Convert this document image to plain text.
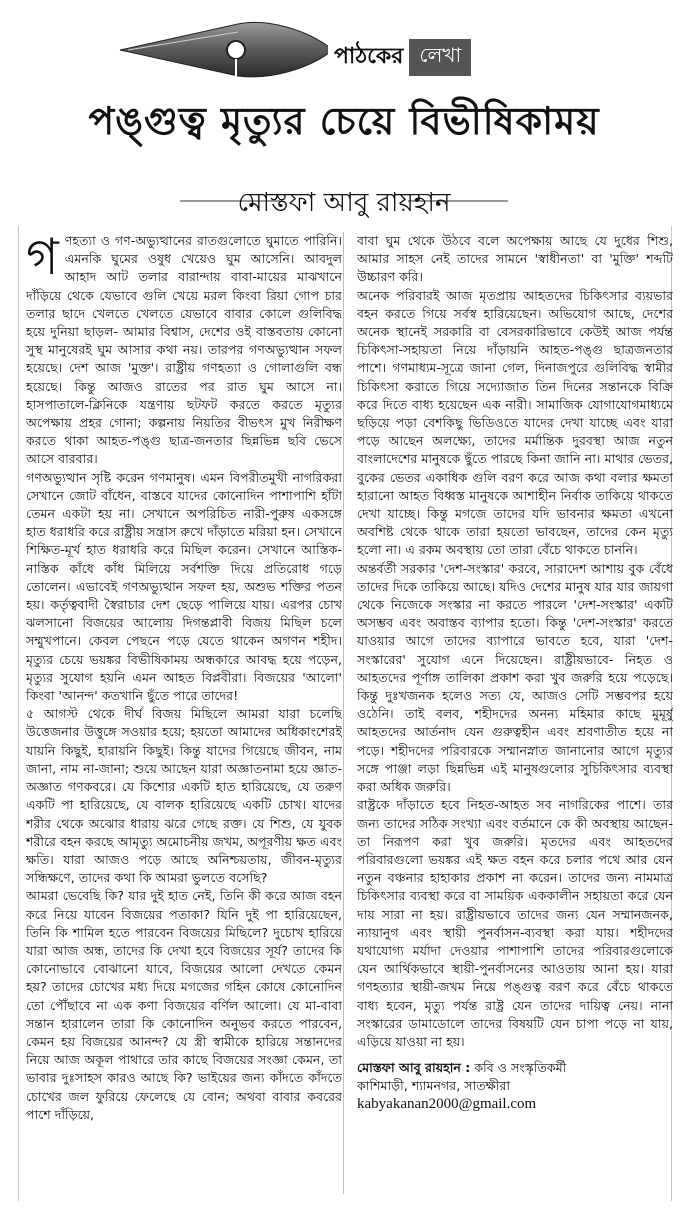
পাঠকের লেখা
পঙ্গুত্ব মৃত্যুর চেয়ে বিভীষিকাময়
মোস্তফা আবু রায়হান

গণহত্যা ও গণ-অভ্যুত্থানের রাতগুলোতে ঘুমাতে পারিনি। এমনকি ঘুমের ওষুধ খেয়েও ঘুম আসেনি। আবদুল আহাদ আট তলার বারান্দায় বাবা-মায়ের মাঝখানে দাঁড়িয়ে থেকে যেভাবে গুলি খেয়ে মরল কিংবা রিয়া গোপ চার তলার ছাদে খেলতে খেলতে যেভাবে বাবার কোলে গুলিবিদ্ধ হয়ে দুনিয়া ছাড়ল- আমার বিশ্বাস, দেশের ওই বাস্তবতায় কোনো সুস্থ মানুষেরই ঘুম আসার কথা নয়। তারপর গণঅভ্যুত্থান সফল হয়েছে। দেশ আজ 'মুক্ত'। রাষ্ট্রীয় গণহত্যা ও গোলাগুলি বন্ধ হয়েছে। কিন্তু আজও রাতের পর রাত ঘুম আসে না। হাসপাতালে-ক্লিনিকে যন্ত্রণায় ছটফট করতে করতে মৃত্যুর অপেক্ষায় প্রহর গোনা; কল্পনায় নিয়তির বীভৎস মুখ নিরীক্ষণ করতে থাকা আহত-পঙ্গু ছাত্র-জনতার ছিন্নভিন্ন ছবি ভেসে আসে বারবার।

গণঅভ্যুত্থান সৃষ্টি করেন গণমানুষ। এমন বিপরীতমুখী নাগরিকরা সেখানে জোট বাঁধেন, বাস্তবে যাদের কোনোদিন পাশাপাশি হাঁটা তেমন একটা হয় না। সেখানে অপরিচিত নারী-পুরুষ একসঙ্গে হাত ধরাধরি করে রাষ্ট্রীয় সন্ত্রাস রুখে দাঁড়াতে মরিয়া হন। সেখানে শিক্ষিত-মূর্খ হাত ধরাধরি করে মিছিল করেন। সেখানে আস্তিক-নাস্তিক কাঁধে কাঁধ মিলিয়ে সর্বশক্তি দিয়ে প্রতিরোধ গড়ে তোলেন। এভাবেই গণঅভ্যুত্থান সফল হয়, অশুভ শক্তির পতন হয়। কর্তৃত্ববাদী স্বৈরাচার দেশ ছেড়ে পালিয়ে যায়। এরপর চোখ ঝলসানো বিজয়ের আলোয় দিগন্তপ্লাবী বিজয় মিছিল চলে সম্মুখপানে। কেবল পেছনে পড়ে যেতে থাকেন অগণন শহীদ। মৃত্যুর চেয়ে ভয়ঙ্কর বিভীষিকাময় অন্ধকারে আবদ্ধ হয়ে পড়েন, মৃত্যুর সুযোগ হয়নি এমন আহত বিপ্লবীরা। বিজয়ের 'আলো' কিংবা 'আনন্দ' কতখানি ছুঁতে পারে তাদের!

৫ আগস্ট থেকে দীর্ঘ বিজয় মিছিলে আমরা যারা চলেছি উত্তেজনার উত্তুঙ্গে সওয়ার হয়ে; হয়তো আমাদের অধিকাংশেরই যায়নি কিছুই, হারায়নি কিছুই। কিন্তু যাদের গিয়েছে জীবন, নাম জানা, নাম না-জানা; শুয়ে আছেন যারা অজ্ঞাতনামা হয়ে জ্ঞাত-অজ্ঞাত গণকবরে। যে কিশোর একটি হাত হারিয়েছে, যে তরুণ একটি পা হারিয়েছে, যে বালক হারিয়েছে একটি চোখ। যাদের শরীর থেকে অঝোর ধারায় ঝরে গেছে রক্ত। যে শিশু, যে যুবক শরীরে বহন করছে আমৃত্যু অমোচনীয় জখম, অপূরণীয় ক্ষত এবং ক্ষতি। যারা আজও পড়ে আছে অনিশ্চয়তায়, জীবন-মৃত্যুর সন্ধিক্ষণে, তাদের কথা কি আমরা ভুলতে বসেছি?

আমরা ভেবেছি কি? যার দুই হাত নেই, তিনি কী করে আজ বহন করে নিয়ে যাবেন বিজয়ের পতাকা? যিনি দুই পা হারিয়েছেন, তিনি কি শামিল হতে পারবেন বিজয়ের মিছিলে? দুচোখ হারিয়ে যারা আজ অন্ধ, তাদের কি দেখা হবে বিজয়ের সূর্য? তাদের কি কোনোভাবে বোঝানো যাবে, বিজয়ের আলো দেখতে কেমন হয়? তাদের চোখের মধ্য দিয়ে মগজের গহিন কোষে কোনোদিন তো পৌঁছাবে না এক কণা বিজয়ের বর্ণিল আলো। যে মা-বাবা সন্তান হারালেন তারা কি কোনোদিন অনুভব করতে পারবেন, কেমন হয় বিজয়ের আনন্দ? যে স্ত্রী স্বামীকে হারিয়ে সন্তানদের নিয়ে আজ অকূল পাথারে তার কাছে বিজয়ের সংজ্ঞা কেমন, তা ভাবার দুঃসাহস কারও আছে কি? ভাইয়ের জন্য কাঁদতে কাঁদতে চোখের জল ফুরিয়ে ফেলেছে যে বোন; অথবা বাবার কবরের পাশে দাঁড়িয়ে,

বাবা ঘুম থেকে উঠবে বলে অপেক্ষায় আছে যে দুধের শিশু, আমার সাহস নেই তাদের সামনে 'স্বাধীনতা' বা 'মুক্তি' শব্দটি উচ্চারণ করি।

অনেক পরিবারই আজ মৃতপ্রায় আহতদের চিকিৎসার ব্যয়ভার বহন করতে গিয়ে সর্বস্ব হারিয়েছেন। অভিযোগ আছে, দেশের অনেক স্থানেই সরকারি বা বেসরকারিভাবে কেউই আজ পর্যন্ত চিকিৎসা-সহায়তা নিয়ে দাঁড়ায়নি আহত-পঙ্গু ছাত্রজনতার পাশে। গণমাধ্যম-সূত্রে জানা গেল, দিনাজপুরে গুলিবিদ্ধ স্বামীর চিকিৎসা করাতে গিয়ে সদ্যোজাত তিন দিনের সন্তানকে বিক্রি করে দিতে বাধ্য হয়েছেন এক নারী। সামাজিক যোগাযোগমাধ্যমে ছড়িয়ে পড়া বেশকিছু ভিডিওতে যাদের দেখা যাচ্ছে এবং যারা পড়ে আছেন অলক্ষ্যে, তাদের মর্মান্তিক দুরবস্থা আজ নতুন বাংলাদেশের মানুষকে ছুঁতে পারছে কিনা জানি না। মাথার ভেতর, বুকের ভেতর একাধিক গুলি বরণ করে আজ কথা বলার ক্ষমতা হারানো আহত বিধ্বস্ত মানুষকে আশাহীন নির্বাক তাকিয়ে থাকতে দেখা যাচ্ছে। কিন্তু মগজে তাদের যদি ভাবনার ক্ষমতা এখনো অবশিষ্ট থেকে থাকে তারা হয়তো ভাবছেন, তাদের কেন মৃত্যু হলো না। এ রকম অবস্থায় তো তারা বেঁচে থাকতে চাননি।

অন্তর্বর্তী সরকার 'দেশ-সংস্কার' করবে, সারাদেশ আশায় বুক বেঁধে তাদের দিকে তাকিয়ে আছে। যদিও দেশের মানুষ যার যার জায়গা থেকে নিজেকে সংস্কার না করতে পারলে 'দেশ-সংস্কার' একটি অসম্ভব এবং অবাস্তব ব্যাপার হতো। কিন্তু 'দেশ-সংস্কার' করতে যাওয়ার আগে তাদের ব্যাপারে ভাবতে হবে, যারা 'দেশ-সংস্কারের' সুযোগ এনে দিয়েছেন। রাষ্ট্রীয়ভাবে- নিহত ও আহতদের পূর্ণাঙ্গ তালিকা প্রকাশ করা খুব জরুরি হয়ে পড়েছে। কিন্তু দুঃখজনক হলেও সত্য যে, আজও সেটি সম্ভবপর হয়ে ওঠেনি। তাই বলব, শহীদদের অনন্য মহিমার কাছে মুমূর্ষু আহতদের আর্তনাদ যেন গুরুত্বহীন এবং শ্রবণাতীত হয়ে না পড়ে। শহীদদের পরিবারকে সম্মানস্নাত জানানোর আগে মৃত্যুর সঙ্গে পাঞ্জা লড়া ছিন্নভিন্ন এই মানুষগুলোর সুচিকিৎসার ব্যবস্থা করা অধিক জরুরি।

রাষ্ট্রকে দাঁড়াতে হবে নিহত-আহত সব নাগরিকের পাশে। তার জন্য তাদের সঠিক সংখ্যা এবং বর্তমানে কে কী অবস্থায় আছেন- তা নিরূপণ করা খুব জরুরি। মৃতদের এবং আহতদের পরিবারগুলো ভয়ঙ্কর এই ক্ষত বহন করে চলার পথে আর যেন নতুন বঞ্চনার হাহাকার প্রকাশ না করেন। তাদের জন্য নামমাত্র চিকিৎসার ব্যবস্থা করে বা সাময়িক এককালীন সহায়তা করে যেন দায় সারা না হয়। রাষ্ট্রীয়ভাবে তাদের জন্য যেন সম্মানজনক, ন্যায়ানুগ এবং স্থায়ী পুনর্বাসন-ব্যবস্থা করা যায়। শহীদদের যথাযোগ্য মর্যাদা দেওয়ার পাশাপাশি তাদের পরিবারগুলোকে যেন আর্থিকভাবে স্থায়ী-পুনর্বাসনের আওতায় আনা হয়। যারা গণহত্যার স্থায়ী-জখম নিয়ে পঙ্গুত্ব বরণ করে বেঁচে থাকতে বাধ্য হবেন, মৃত্যু পর্যন্ত রাষ্ট্র যেন তাদের দায়িত্ব নেয়। নানা সংস্কারের ডামাডোলে তাদের বিষয়টি যেন চাপা পড়ে না যায়, এড়িয়ে যাওয়া না হয়।

মোস্তফা আবু রায়হান : কবি ও সংস্কৃতিকর্মী
কাশিমাড়ী, শ্যামনগর, সাতক্ষীরা
kabyakanan2000@gmail.com
